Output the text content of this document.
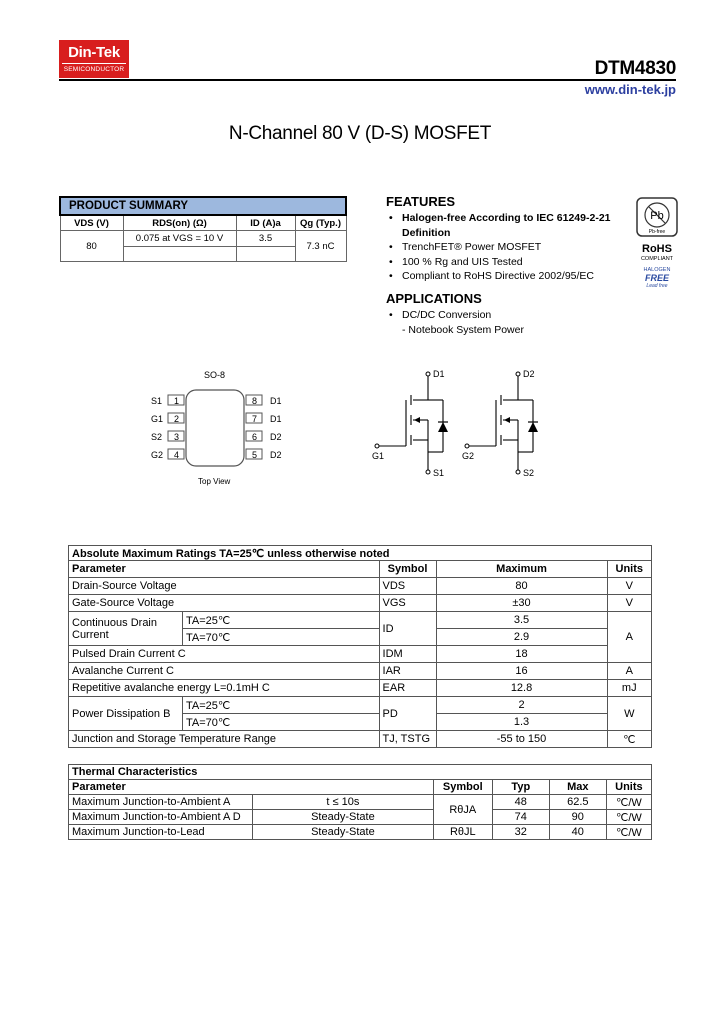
Din-Tek
SEMICONDUCTOR	DTM4830
www.din-tek.jp
N-Channel 80 V (D-S) MOSFET
PRODUCT SUMMARY			
VDS (V)	RDS(on) (Ω)	ID (A)a	Qg (Typ.)
80	0.075 at VGS = 10 V	3.5	7.3 nC

FEATURES
• Halogen-free According to IEC 61249-2-21 Definition
• TrenchFET® Power MOSFET
• 100 % Rg and UIS Tested
• Compliant to RoHS Directive 2002/95/EC
APPLICATIONS
• DC/DC Conversion
- Notebook System Power
Pb
Pb-free
RoHS
COMPLIANT
HALOGEN
FREE
Lead free
SO-8
S1 1
G1 2
S2 3
G2 4
8 D1
7 D1
6 D2
5 D2
Top View
D1
S1
G1
D2
S2
G2
Absolute Maximum Ratings TA=25℃ unless otherwise noted				
Parameter		Symbol	Maximum	Units
Drain-Source Voltage		VDS	80	V
Gate-Source Voltage		VGS	±30	V
Continuous Drain Current	TA=25℃	ID	3.5	A
	TA=70℃		2.9	
Pulsed Drain Current C		IDM	18	
Avalanche Current C		IAR	16	A
Repetitive avalanche energy L=0.1mH C		EAR	12.8	mJ
Power Dissipation B	TA=25℃	PD	2	W
	TA=70℃		1.3	
Junction and Storage Temperature Range		TJ, TSTG	-55 to 150	℃
Thermal Characteristics					
Parameter		Symbol	Typ	Max	Units
Maximum Junction-to-Ambient A	t ≤ 10s	RθJA	48	62.5	℃/W
Maximum Junction-to-Ambient A D	Steady-State		74	90	℃/W
Maximum Junction-to-Lead	Steady-State	RθJL	32	40	℃/W
